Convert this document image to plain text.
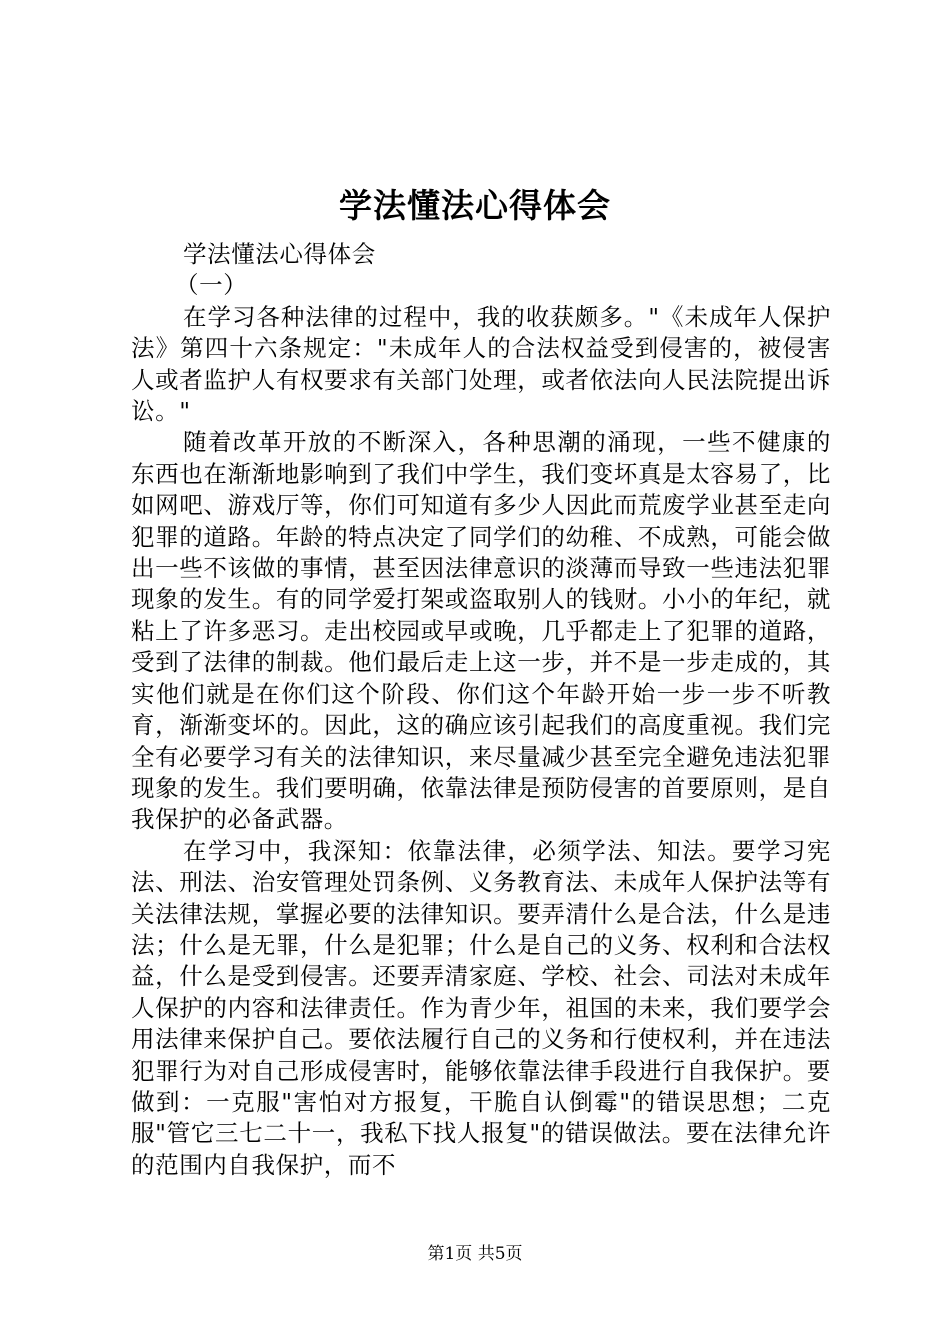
学法懂法心得体会

学法懂法心得体会

（一）

在学习各种法律的过程中，我的收获颇多。"《未成年人保护法》第四十六条规定："未成年人的合法权益受到侵害的，被侵害人或者监护人有权要求有关部门处理，或者依法向人民法院提出诉讼。"

随着改革开放的不断深入，各种思潮的涌现，一些不健康的东西也在渐渐地影响到了我们中学生，我们变坏真是太容易了，比如网吧、游戏厅等，你们可知道有多少人因此而荒废学业甚至走向犯罪的道路。年龄的特点决定了同学们的幼稚、不成熟，可能会做出一些不该做的事情，甚至因法律意识的淡薄而导致一些违法犯罪现象的发生。有的同学爱打架或盗取别人的钱财。小小的年纪，就粘上了许多恶习。走出校园或早或晚，几乎都走上了犯罪的道路，受到了法律的制裁。他们最后走上这一步，并不是一步走成的，其实他们就是在你们这个阶段、你们这个年龄开始一步一步不听教育，渐渐变坏的。因此，这的确应该引起我们的高度重视。我们完全有必要学习有关的法律知识，来尽量减少甚至完全避免违法犯罪现象的发生。我们要明确，依靠法律是预防侵害的首要原则，是自我保护的必备武器。

在学习中，我深知：依靠法律，必须学法、知法。要学习宪法、刑法、治安管理处罚条例、义务教育法、未成年人保护法等有关法律法规，掌握必要的法律知识。要弄清什么是合法，什么是违法；什么是无罪，什么是犯罪；什么是自己的义务、权利和合法权益，什么是受到侵害。还要弄清家庭、学校、社会、司法对未成年人保护的内容和法律责任。作为青少年，祖国的未来，我们要学会用法律来保护自己。要依法履行自己的义务和行使权利，并在违法犯罪行为对自己形成侵害时，能够依靠法律手段进行自我保护。要做到：一克服"害怕对方报复，干脆自认倒霉"的错误思想；二克服"管它三七二十一，我私下找人报复"的错误做法。要在法律允许的范围内自我保护，而不

第1页 共5页
